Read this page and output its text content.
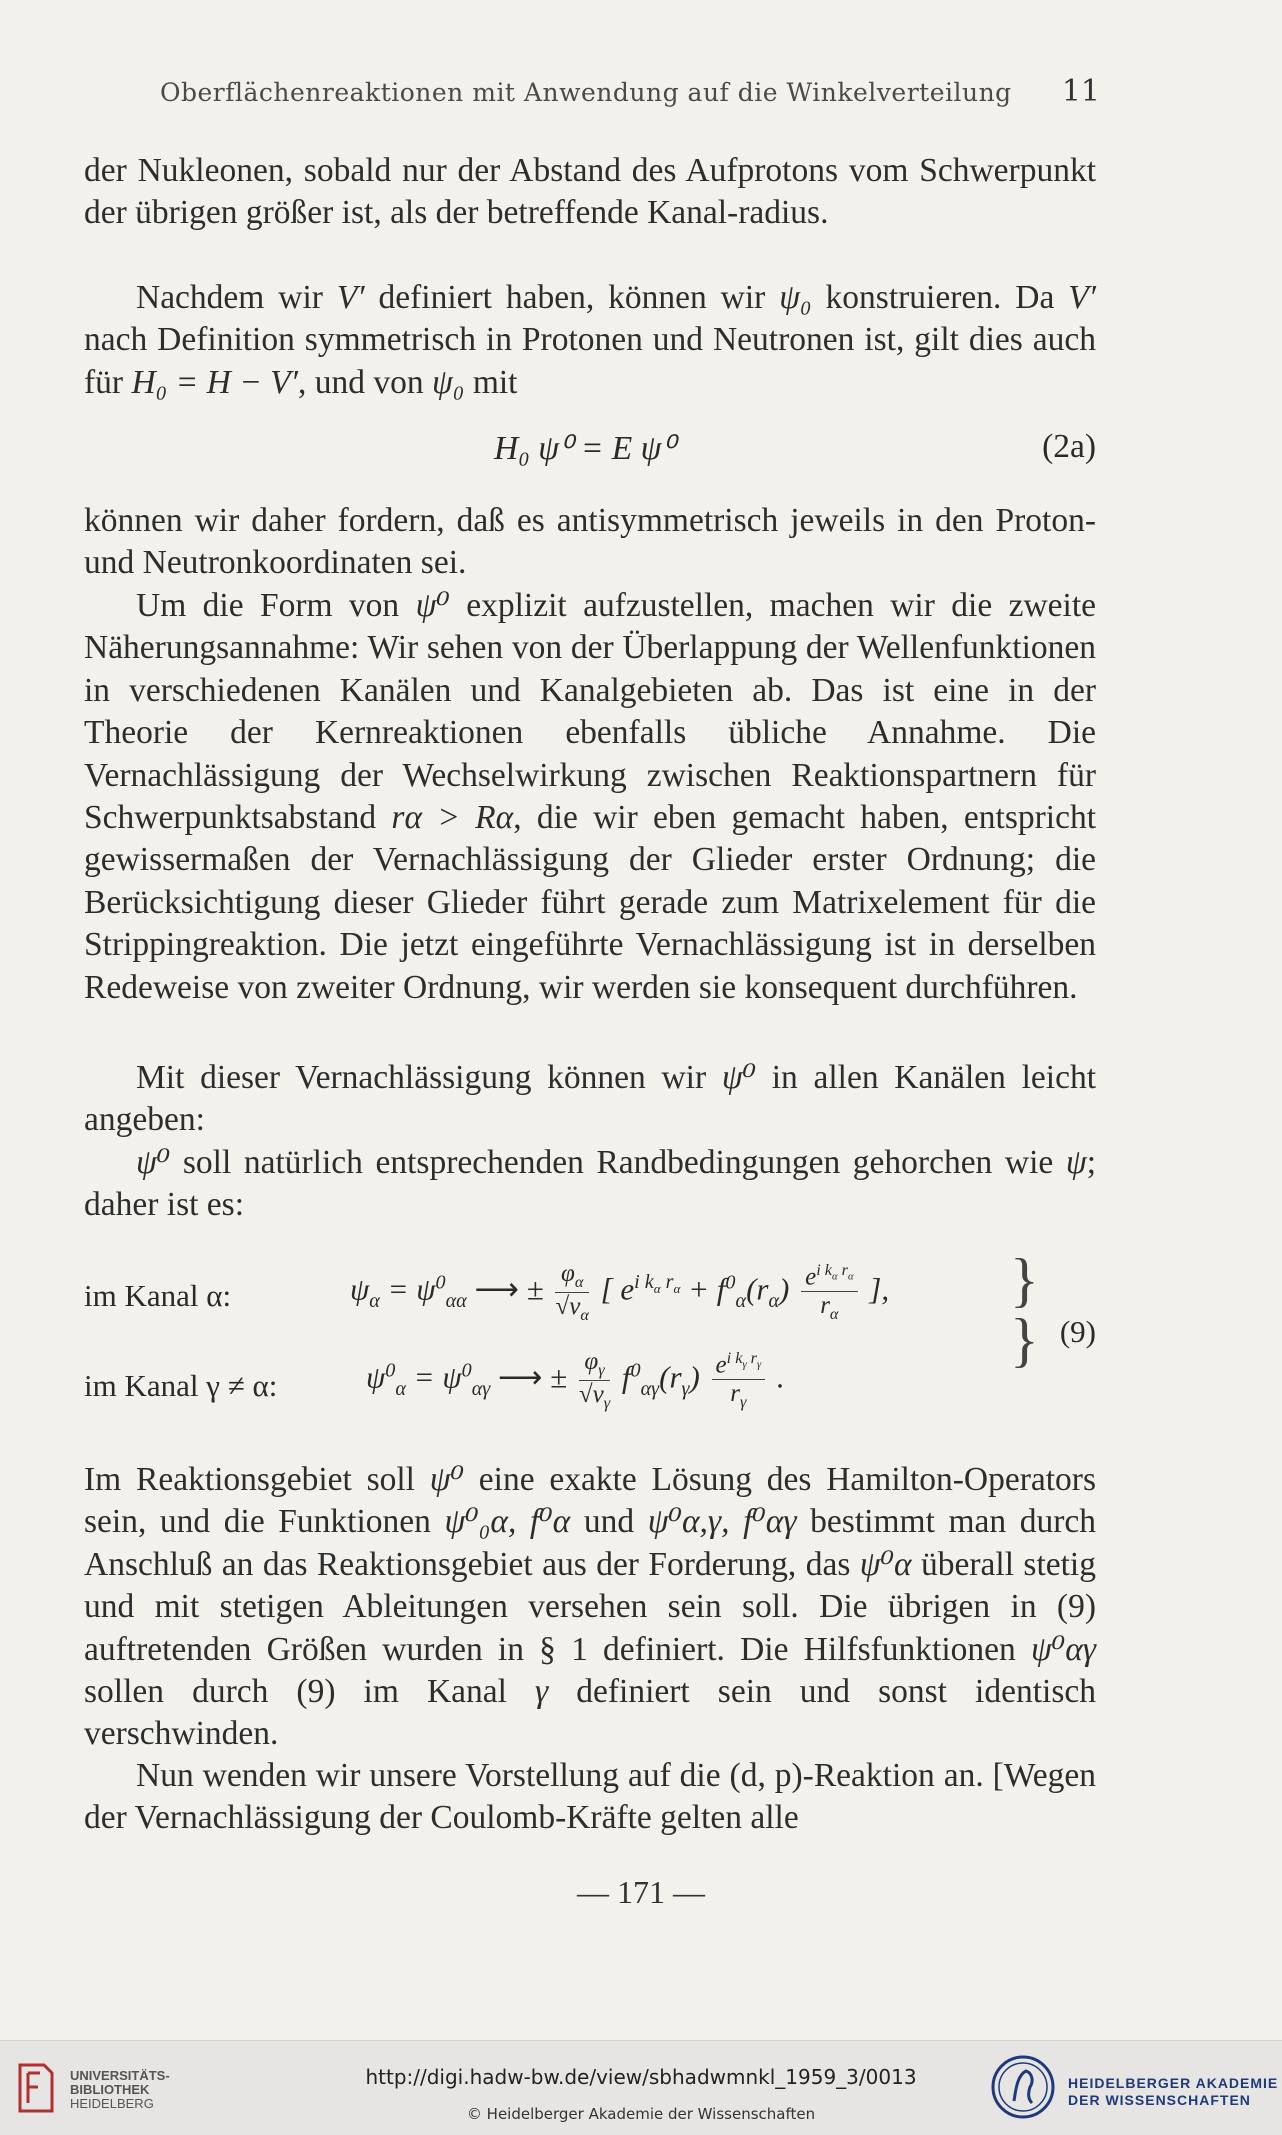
Oberflächenreaktionen mit Anwendung auf die Winkelverteilung 11

der Nukleonen, sobald nur der Abstand des Aufprotons vom Schwerpunkt der übrigen größer ist, als der betreffende Kanal-radius.

Nachdem wir V′ definiert haben, können wir ψ₀ konstruieren. Da V′ nach Definition symmetrisch in Protonen und Neutronen ist, gilt dies auch für H₀ = H − V′, und von ψ₀ mit

H₀ ψ⁰ = E ψ⁰	(2a)

können wir daher fordern, daß es antisymmetrisch jeweils in den Proton- und Neutronkoordinaten sei.

Um die Form von ψ⁰ explizit aufzustellen, machen wir die zweite Näherungsannahme: Wir sehen von der Überlappung der Wellenfunktionen in verschiedenen Kanälen und Kanalgebieten ab. Das ist eine in der Theorie der Kernreaktionen ebenfalls übliche Annahme. Die Vernachlässigung der Wechselwirkung zwischen Reaktionspartnern für Schwerpunktsabstand rα > Rα, die wir eben gemacht haben, entspricht gewissermaßen der Vernachlässigung der Glieder erster Ordnung; die Berücksichtigung dieser Glieder führt gerade zum Matrixelement für die Strippingreaktion. Die jetzt eingeführte Vernachlässigung ist in derselben Redeweise von zweiter Ordnung, wir werden sie konsequent durchführen.

Mit dieser Vernachlässigung können wir ψ⁰ in allen Kanälen leicht angeben:

ψ⁰ soll natürlich entsprechenden Randbedingungen gehorchen wie ψ; daher ist es:

im Kanal α:	$\psi_\alpha = \psi^0_{\alpha\alpha}$ ⟶ ± $\frac{\varphi_\alpha}{√v_\alpha}$ [ $e^{i k_\alpha r_\alpha} + f^0_\alpha(r_\alpha) \frac{e^{i k_\alpha r_\alpha}}{r_\alpha}$ ],
im Kanal γ ≠ α:	$\psi^0_\alpha = \psi^0_{\alpha\gamma}$ ⟶ ± $\frac{\varphi_\gamma}{√v_\gamma} f^0_{\alpha\gamma}(r_\gamma) \frac{e^{i k_\gamma r_\gamma}}{r_\gamma}$ .
}
} (9)

Im Reaktionsgebiet soll ψ⁰ eine exakte Lösung des Hamilton-Operators sein, und die Funktionen ψ⁰₀α, f⁰α und ψ⁰α,γ, f⁰αγ bestimmt man durch Anschluß an das Reaktionsgebiet aus der Forderung, das ψ⁰α überall stetig und mit stetigen Ableitungen versehen sein soll. Die übrigen in (9) auftretenden Größen wurden in § 1 definiert. Die Hilfsfunktionen ψ⁰αγ sollen durch (9) im Kanal γ definiert sein und sonst identisch verschwinden.

Nun wenden wir unsere Vorstellung auf die (d, p)-Reaktion an. [Wegen der Vernachlässigung der Coulomb-Kräfte gelten alle

— 171 —
UNIVERSITÄTS-
BIBLIOTHEK
HEIDELBERG
http://digi.hadw-bw.de/view/sbhadwmnkl_1959_3/0013
© Heidelberger Akademie der Wissenschaften
HEIDELBERGER AKADEMIE
DER WISSENSCHAFTEN
